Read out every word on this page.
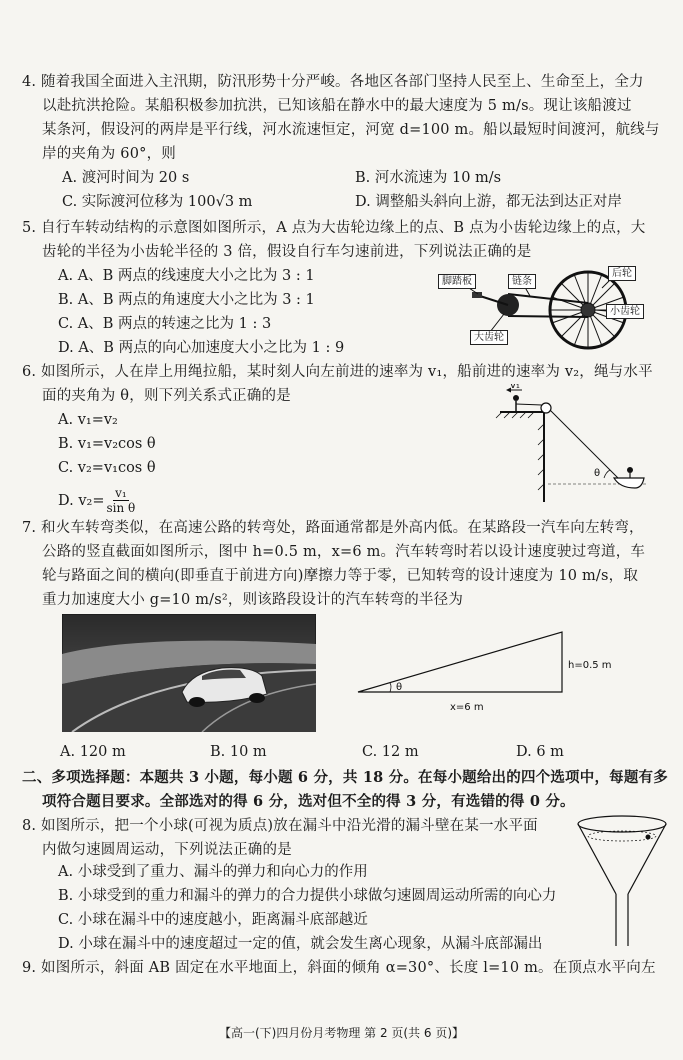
4. 随着我国全面进入主汛期，防汛形势十分严峻。各地区各部门坚持人民至上、生命至上，全力
以赴抗洪抢险。某船积极参加抗洪，已知该船在静水中的最大速度为 5 m/s。现让该船渡过
某条河，假设河的两岸是平行线，河水流速恒定，河宽 d=100 m。船以最短时间渡河，航线与
岸的夹角为 60°，则
A. 渡河时间为 20 s	B. 河水流速为 10 m/s
C. 实际渡河位移为 100√3 m	D. 调整船头斜向上游，都无法到达正对岸
5. 自行车转动结构的示意图如图所示，A 点为大齿轮边缘上的点、B 点为小齿轮边缘上的点，大
齿轮的半径为小齿轮半径的 3 倍，假设自行车匀速前进，下列说法正确的是
A. A、B 两点的线速度大小之比为 3 : 1
B. A、B 两点的角速度大小之比为 3 : 1
C. A、B 两点的转速之比为 1 : 3
D. A、B 两点的向心加速度大小之比为 1 : 9
脚踏板	链条
后轮
小齿轮
大齿轮
6. 如图所示，人在岸上用绳拉船，某时刻人向左前进的速率为 v₁，船前进的速率为 v₂，绳与水平
面的夹角为 θ，则下列关系式正确的是
A. v₁=v₂
B. v₁=v₂cos θ
C. v₂=v₁cos θ
D. $v_2= \frac{\text{v₁}}{\text{sin θ}}$
v₁
θ
7. 和火车转弯类似，在高速公路的转弯处，路面通常都是外高内低。在某路段一汽车向左转弯，
公路的竖直截面如图所示，图中 h=0.5 m，x=6 m。汽车转弯时若以设计速度驶过弯道，车
轮与路面之间的横向(即垂直于前进方向)摩擦力等于零，已知转弯的设计速度为 10 m/s，取
重力加速度大小 g=10 m/s²，则该路段设计的汽车转弯的半径为
θ
h=0.5 m
x=6 m
A. 120 m	B. 10 m	C. 12 m	D. 6 m
二、多项选择题：本题共 3 小题，每小题 6 分，共 18 分。在每小题给出的四个选项中，每题有多
项符合题目要求。全部选对的得 6 分，选对但不全的得 3 分，有选错的得 0 分。
8. 如图所示，把一个小球(可视为质点)放在漏斗中沿光滑的漏斗壁在某一水平面
内做匀速圆周运动，下列说法正确的是
A. 小球受到了重力、漏斗的弹力和向心力的作用
B. 小球受到的重力和漏斗的弹力的合力提供小球做匀速圆周运动所需的向心力
C. 小球在漏斗中的速度越小，距离漏斗底部越近
D. 小球在漏斗中的速度超过一定的值，就会发生离心现象，从漏斗底部漏出
9. 如图所示，斜面 AB 固定在水平地面上，斜面的倾角 α=30°、长度 l=10 m。在顶点水平向左
【高一(下)四月份月考物理 第 2 页(共 6 页)】
